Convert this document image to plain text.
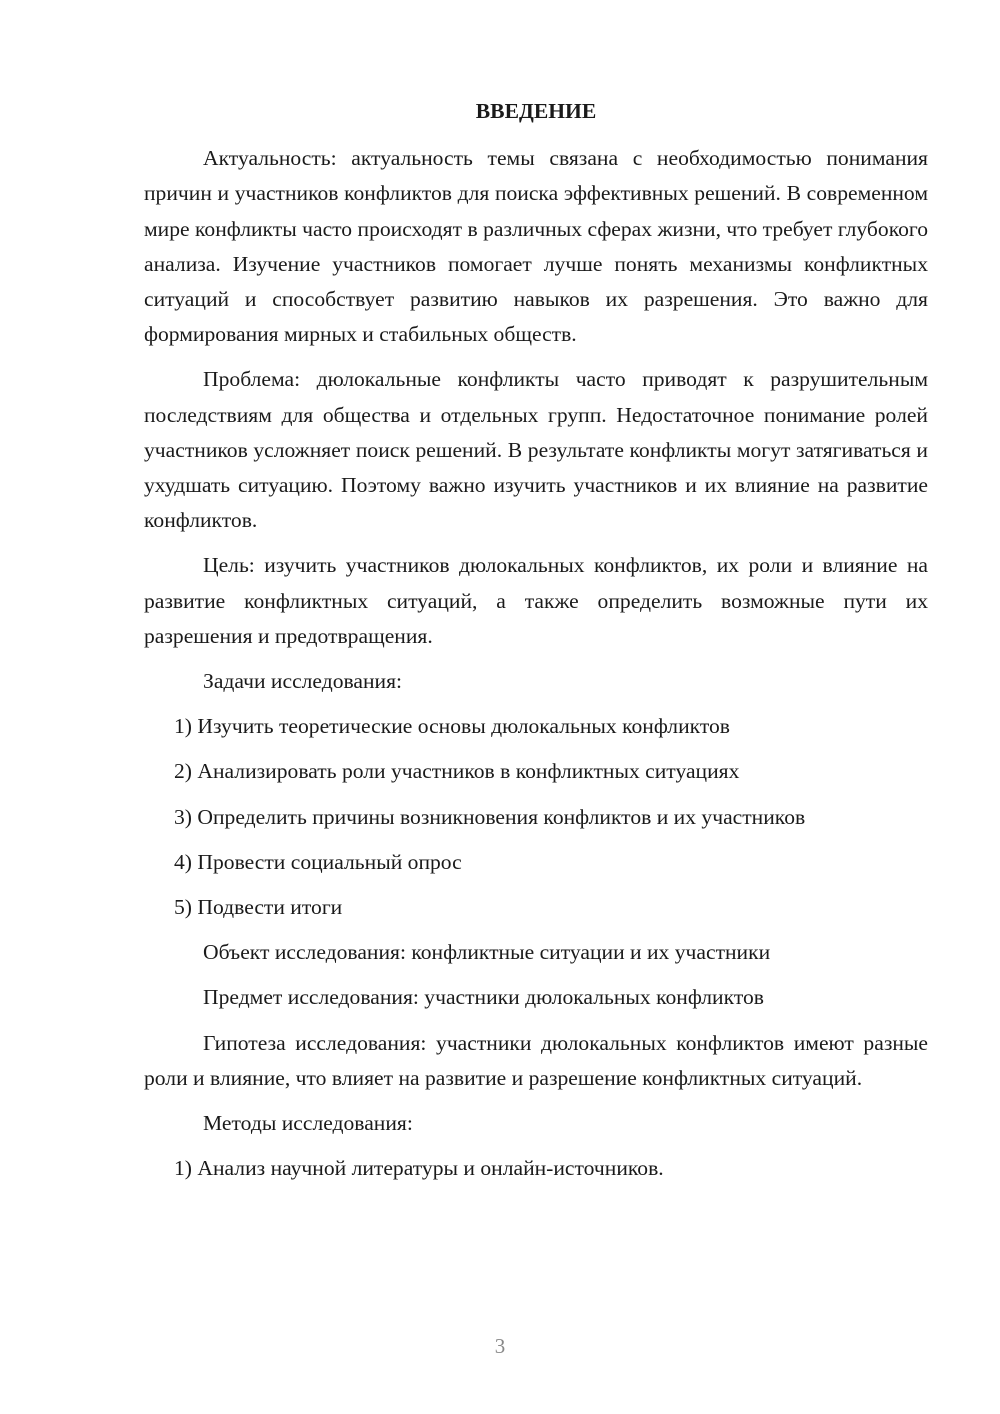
ВВЕДЕНИЕ

Актуальность: актуальность темы связана с необходимостью понимания причин и участников конфликтов для поиска эффективных решений. В современном мире конфликты часто происходят в различных сферах жизни, что требует глубокого анализа. Изучение участников помогает лучше понять механизмы конфликтных ситуаций и способствует развитию навыков их разрешения. Это важно для формирования мирных и стабильных обществ.

Проблема: дюлокальные конфликты часто приводят к разрушительным последствиям для общества и отдельных групп. Недостаточное понимание ролей участников усложняет поиск решений. В результате конфликты могут затягиваться и ухудшать ситуацию. Поэтому важно изучить участников и их влияние на развитие конфликтов.

Цель: изучить участников дюлокальных конфликтов, их роли и влияние на развитие конфликтных ситуаций, а также определить возможные пути их разрешения и предотвращения.

Задачи исследования:

1) Изучить теоретические основы дюлокальных конфликтов

2) Анализировать роли участников в конфликтных ситуациях

3) Определить причины возникновения конфликтов и их участников

4) Провести социальный опрос

5) Подвести итоги

Объект исследования: конфликтные ситуации и их участники

Предмет исследования: участники дюлокальных конфликтов

Гипотеза исследования: участники дюлокальных конфликтов имеют разные роли и влияние, что влияет на развитие и разрешение конфликтных ситуаций.

Методы исследования:

1) Анализ научной литературы и онлайн-источников.

3
